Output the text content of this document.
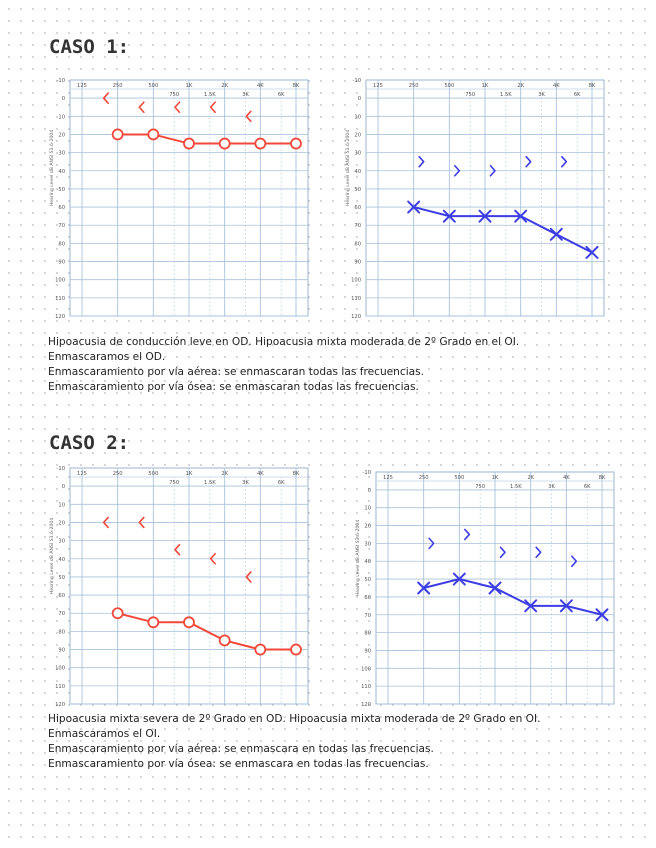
CASO 1:
-10
0
10
20
30
40
50
60
70
80
90
100
110
120
125	250	500	1K	2K	4K	8K
750	1.5K	3K	6K
Hearing Level dB ANSI S3.6-2004
-10
0
10
20
30
40
50
60
70
80
90
100
110
120
125	250	500	1K	2K	4K	8K
750	1.5K	3K	6K
Hearing Level dB ANSI S3.6-2004
Hipoacusia de conducción leve en OD. Hipoacusia mixta moderada de 2º Grado en el OI.
Enmascaramos el OD.
Enmascaramiento por vía aérea: se enmascaran todas las frecuencias.
Enmascaramiento por vía ósea: se enmascaran todas las frecuencias.
CASO 2:
-10
0
10
20
30
40
50
60
70
80
90
100
110
120
125	250	500	1K	2K	4K	8K
750	1.5K	3K	6K
Hearing Level dB ANSI S3.6-2004
-10
0
10
20
30
40
50
60
70
80
90
100
110
120
125	250	500	1K	2K	4K	8K
750	1.5K	3K	6K
Hearing Level dB ANSI S3.6-2004
Hipoacusia mixta severa de 2º Grado en OD. Hipoacusia mixta moderada de 2º Grado en OI.
Enmascaramos el OI.
Enmascaramiento por vía aérea: se enmascara en todas las frecuencias.
Enmascaramiento por vía ósea: se enmascara en todas las frecuencias.
